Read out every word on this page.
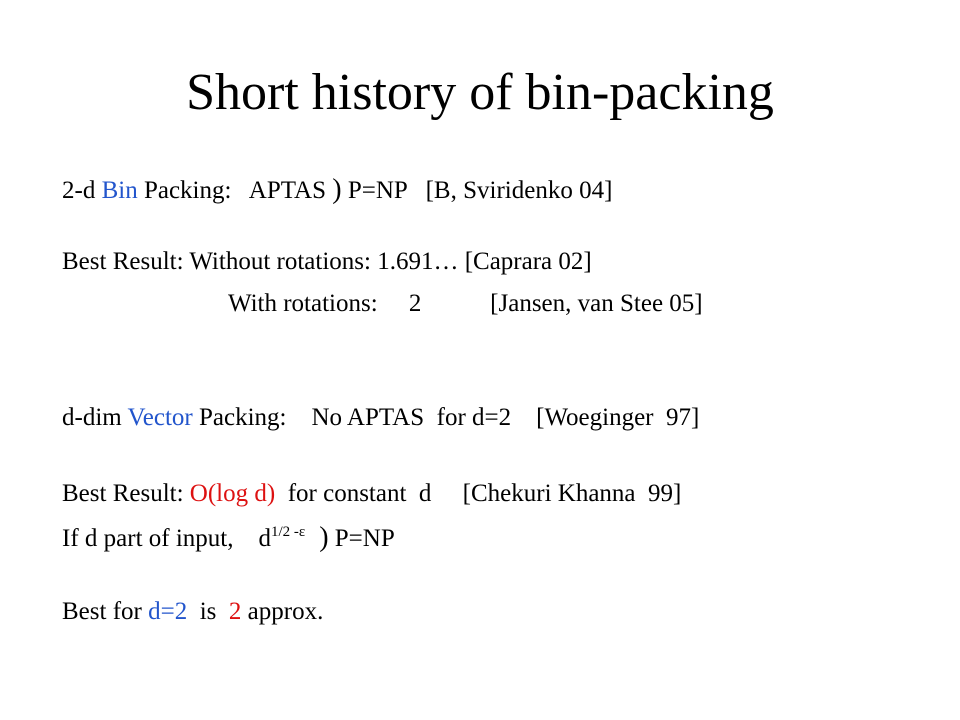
Short history of bin-packing
2-d Bin Packing:   APTAS ) P=NP   [B, Sviridenko 04]
Best Result: Without rotations: 1.691… [Caprara 02]
With rotations:     2           [Jansen, van Stee 05]
d-dim Vector Packing:    No APTAS  for d=2    [Woeginger  97]
Best Result: O(log d)  for constant  d     [Chekuri Khanna  99]
If d part of input,    $d^{1/2 -\varepsilon}$  ) P=NP
Best for d=2  is  2 approx.
